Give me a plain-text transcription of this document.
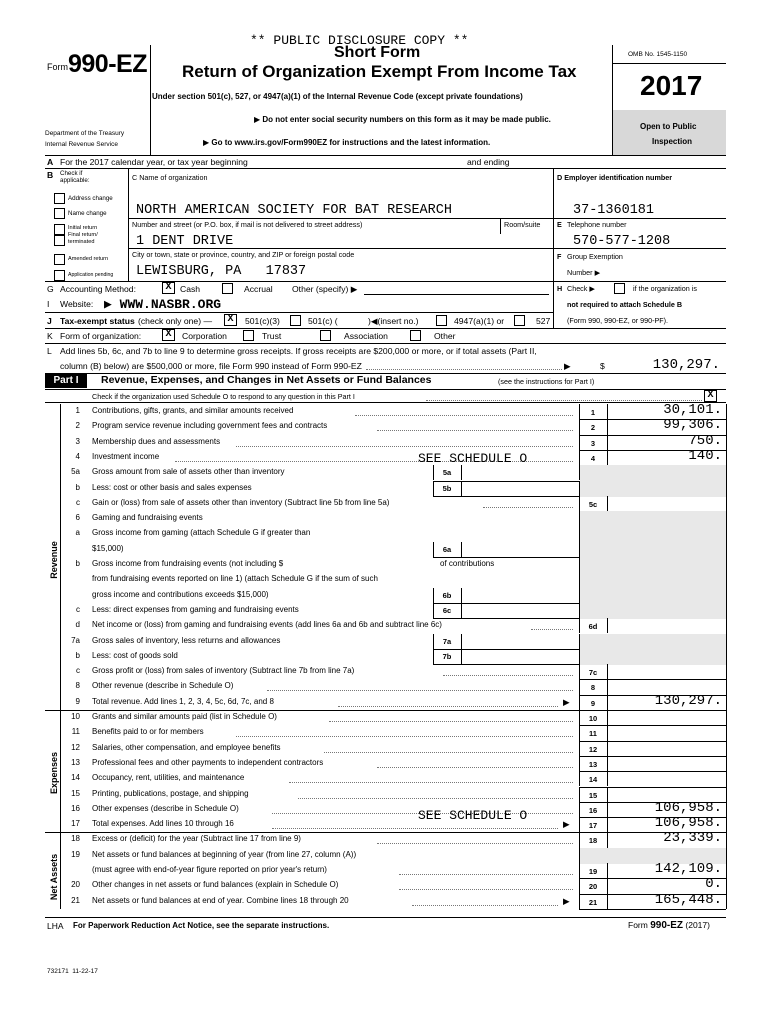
** PUBLIC DISCLOSURE COPY **
Form 990-EZ
Department of the Treasury
Internal Revenue Service
Short Form
Return of Organization Exempt From Income Tax
Under section 501(c), 527, or 4947(a)(1) of the Internal Revenue Code (except private foundations)
▶ Do not enter social security numbers on this form as it may be made public.
▶ Go to www.irs.gov/Form990EZ for instructions and the latest information.
OMB No. 1545-1150
2017
Open to Public
Inspection
A For the 2017 calendar year, or tax year beginning	and ending
B Check if
applicable:
Address change
Name change
Initial return
Final return/
terminated
Amended return
Application pending
C Name of organization
NORTH AMERICAN SOCIETY FOR BAT RESEARCH
Number and street (or P.O. box, if mail is not delivered to street address)	Room/suite
1 DENT DRIVE
City or town, state or province, country, and ZIP or foreign postal code
LEWISBURG, PA   17837
D Employer identification number
37-1360181
E Telephone number
570-577-1208
F Group Exemption
Number ▶
G Accounting Method:	X Cash	Accrual Other (specify) ▶	H Check ▶	if the organization is
not required to attach Schedule B
(Form 990, 990-EZ, or 990-PF).
I Website: ▶ WWW.NASBR.ORG
J Tax-exempt status (check only one) —	X	501(c)(3)	501(c) (	)◀(insert no.)	4947(a)(1) or	527
K Form of organization:	X	Corporation	Trust	Association	Other
L Add lines 5b, 6c, and 7b to line 9 to determine gross receipts. If gross receipts are $200,000 or more, or if total assets (Part II,
column (B) below) are $500,000 or more, file Form 990 instead of Form 990-EZ	▶	$	130,297.
Part I	Revenue, Expenses, and Changes in Net Assets or Fund Balances	(see the instructions for Part I)
Check if the organization used Schedule O to respond to any question in this Part I	X
1 Contributions, gifts, grants, and similar amounts received	1	30,101.
2 Program service revenue including government fees and contracts	2	99,306.
3 Membership dues and assessments	3	750.
4 Investment income	4	140.
5a Gross amount from sale of assets other than inventory	5a
b Less: cost or other basis and sales expenses	5b
c Gain or (loss) from sale of assets other than inventory (Subtract line 5b from line 5a)	5c
6 Gaming and fundraising events
a Gross income from gaming (attach Schedule G if greater than
$15,000)	6a
b Gross income from fundraising events (not including $	of contributions
from fundraising events reported on line 1) (attach Schedule G if the sum of such
gross income and contributions exceeds $15,000)	6b
c Less: direct expenses from gaming and fundraising events	6c
d Net income or (loss) from gaming and fundraising events (add lines 6a and 6b and subtract line 6c)	6d
7a Gross sales of inventory, less returns and allowances	7a
b Less: cost of goods sold	7b
c Gross profit or (loss) from sales of inventory (Subtract line 7b from line 7a)	7c
8 Other revenue (describe in Schedule O)	8
9 Total revenue. Add lines 1, 2, 3, 4, 5c, 6d, 7c, and 8	▶	9	130,297.
10 Grants and similar amounts paid (list in Schedule O)	10
11 Benefits paid to or for members	11
12 Salaries, other compensation, and employee benefits	12
13 Professional fees and other payments to independent contractors	13
14 Occupancy, rent, utilities, and maintenance	14
15 Printing, publications, postage, and shipping	15
16 Other expenses (describe in Schedule O)	16	106,958.
17 Total expenses. Add lines 10 through 16	▶	17	106,958.
18 Excess or (deficit) for the year (Subtract line 17 from line 9)	18	23,339.
19 Net assets or fund balances at beginning of year (from line 27, column (A))
(must agree with end-of-year figure reported on prior year's return)	19	142,109.
20 Other changes in net assets or fund balances (explain in Schedule O)	20	0.
21 Net assets or fund balances at end of year. Combine lines 18 through 20	▶	21	165,448.
Revenue
Expenses
Net Assets
SEE SCHEDULE O
SEE SCHEDULE O
LHA For Paperwork Reduction Act Notice, see the separate instructions.	Form 990-EZ (2017)
732171  11-22-17
